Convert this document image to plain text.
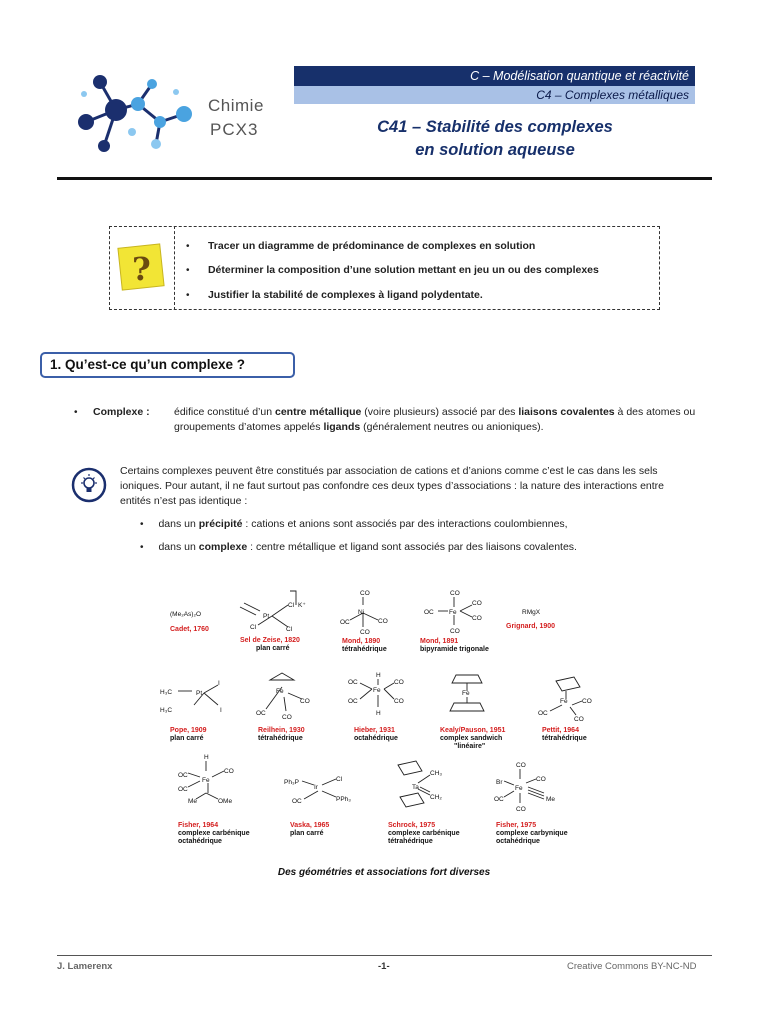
Chimie
PCX3
C – Modélisation quantique et réactivité
C4 – Complexes métalliques
C41 – Stabilité des complexes
en solution aqueuse
?
• Tracer un diagramme de prédominance de complexes en solution
• Déterminer la composition d’une solution mettant en jeu un ou des complexes
• Justifier la stabilité de complexes à ligand polydentate.
1. Qu’est-ce qu’un complexe ?
• Complexe : édifice constitué d’un centre métallique (voire plusieurs) associé par des liaisons covalentes à des atomes ou groupements d’atomes appelés ligands (généralement neutres ou anioniques).
Certains complexes peuvent être constitués par association de cations et d’anions comme c’est le cas dans les sels ioniques. Pour autant, il ne faut surtout pas confondre ces deux types d’associations : la nature des interactions entre entités n’est pas identique :
• dans un précipité : cations et anions sont associés par des interactions coulombiennes,
• dans un complexe : centre métallique et ligand sont associés par des liaisons covalentes.
(Me₂As)₂O	Pt
Cl
Cl	Cl
K⁺
CO
Ni
OC	CO
CO
CO
Fe
OC
CO
CO
CO
RMgX
H₃C	Pt
I
H₃C	I
Fe
OC
CO
CO
H
Fe
OC
OC
CO
CO
H
Fe
Fe
OC
CO
CO
H
Fe
OC
CO
OC
Me	OMe
Ph₃P
Ir
Cl
OC	PPh₃
Ta
CH₃
CH₂
CO
Br
Fe
CO
OC	Me
CO
Cadet, 1760
Sel de Zeise, 1820
plan carré
Mond, 1890
tétrahédrique
Mond, 1891
bipyramide trigonale
Grignard, 1900
Pope, 1909
plan carré
Reilhein, 1930
tétrahédrique
Hieber, 1931
octahédrique
Kealy/Pauson, 1951
complex sandwich
"linéaire"
Pettit, 1964
tétrahédrique
Fisher, 1964
complexe carbénique
octahédrique
Vaska, 1965
plan carré
Schrock, 1975
complexe carbénique
tétrahédrique
Fisher, 1975
complexe carbynique
octahédrique
Des géométries et associations fort diverses
J. Lamerenx	-1-	Creative Commons BY-NC-ND
